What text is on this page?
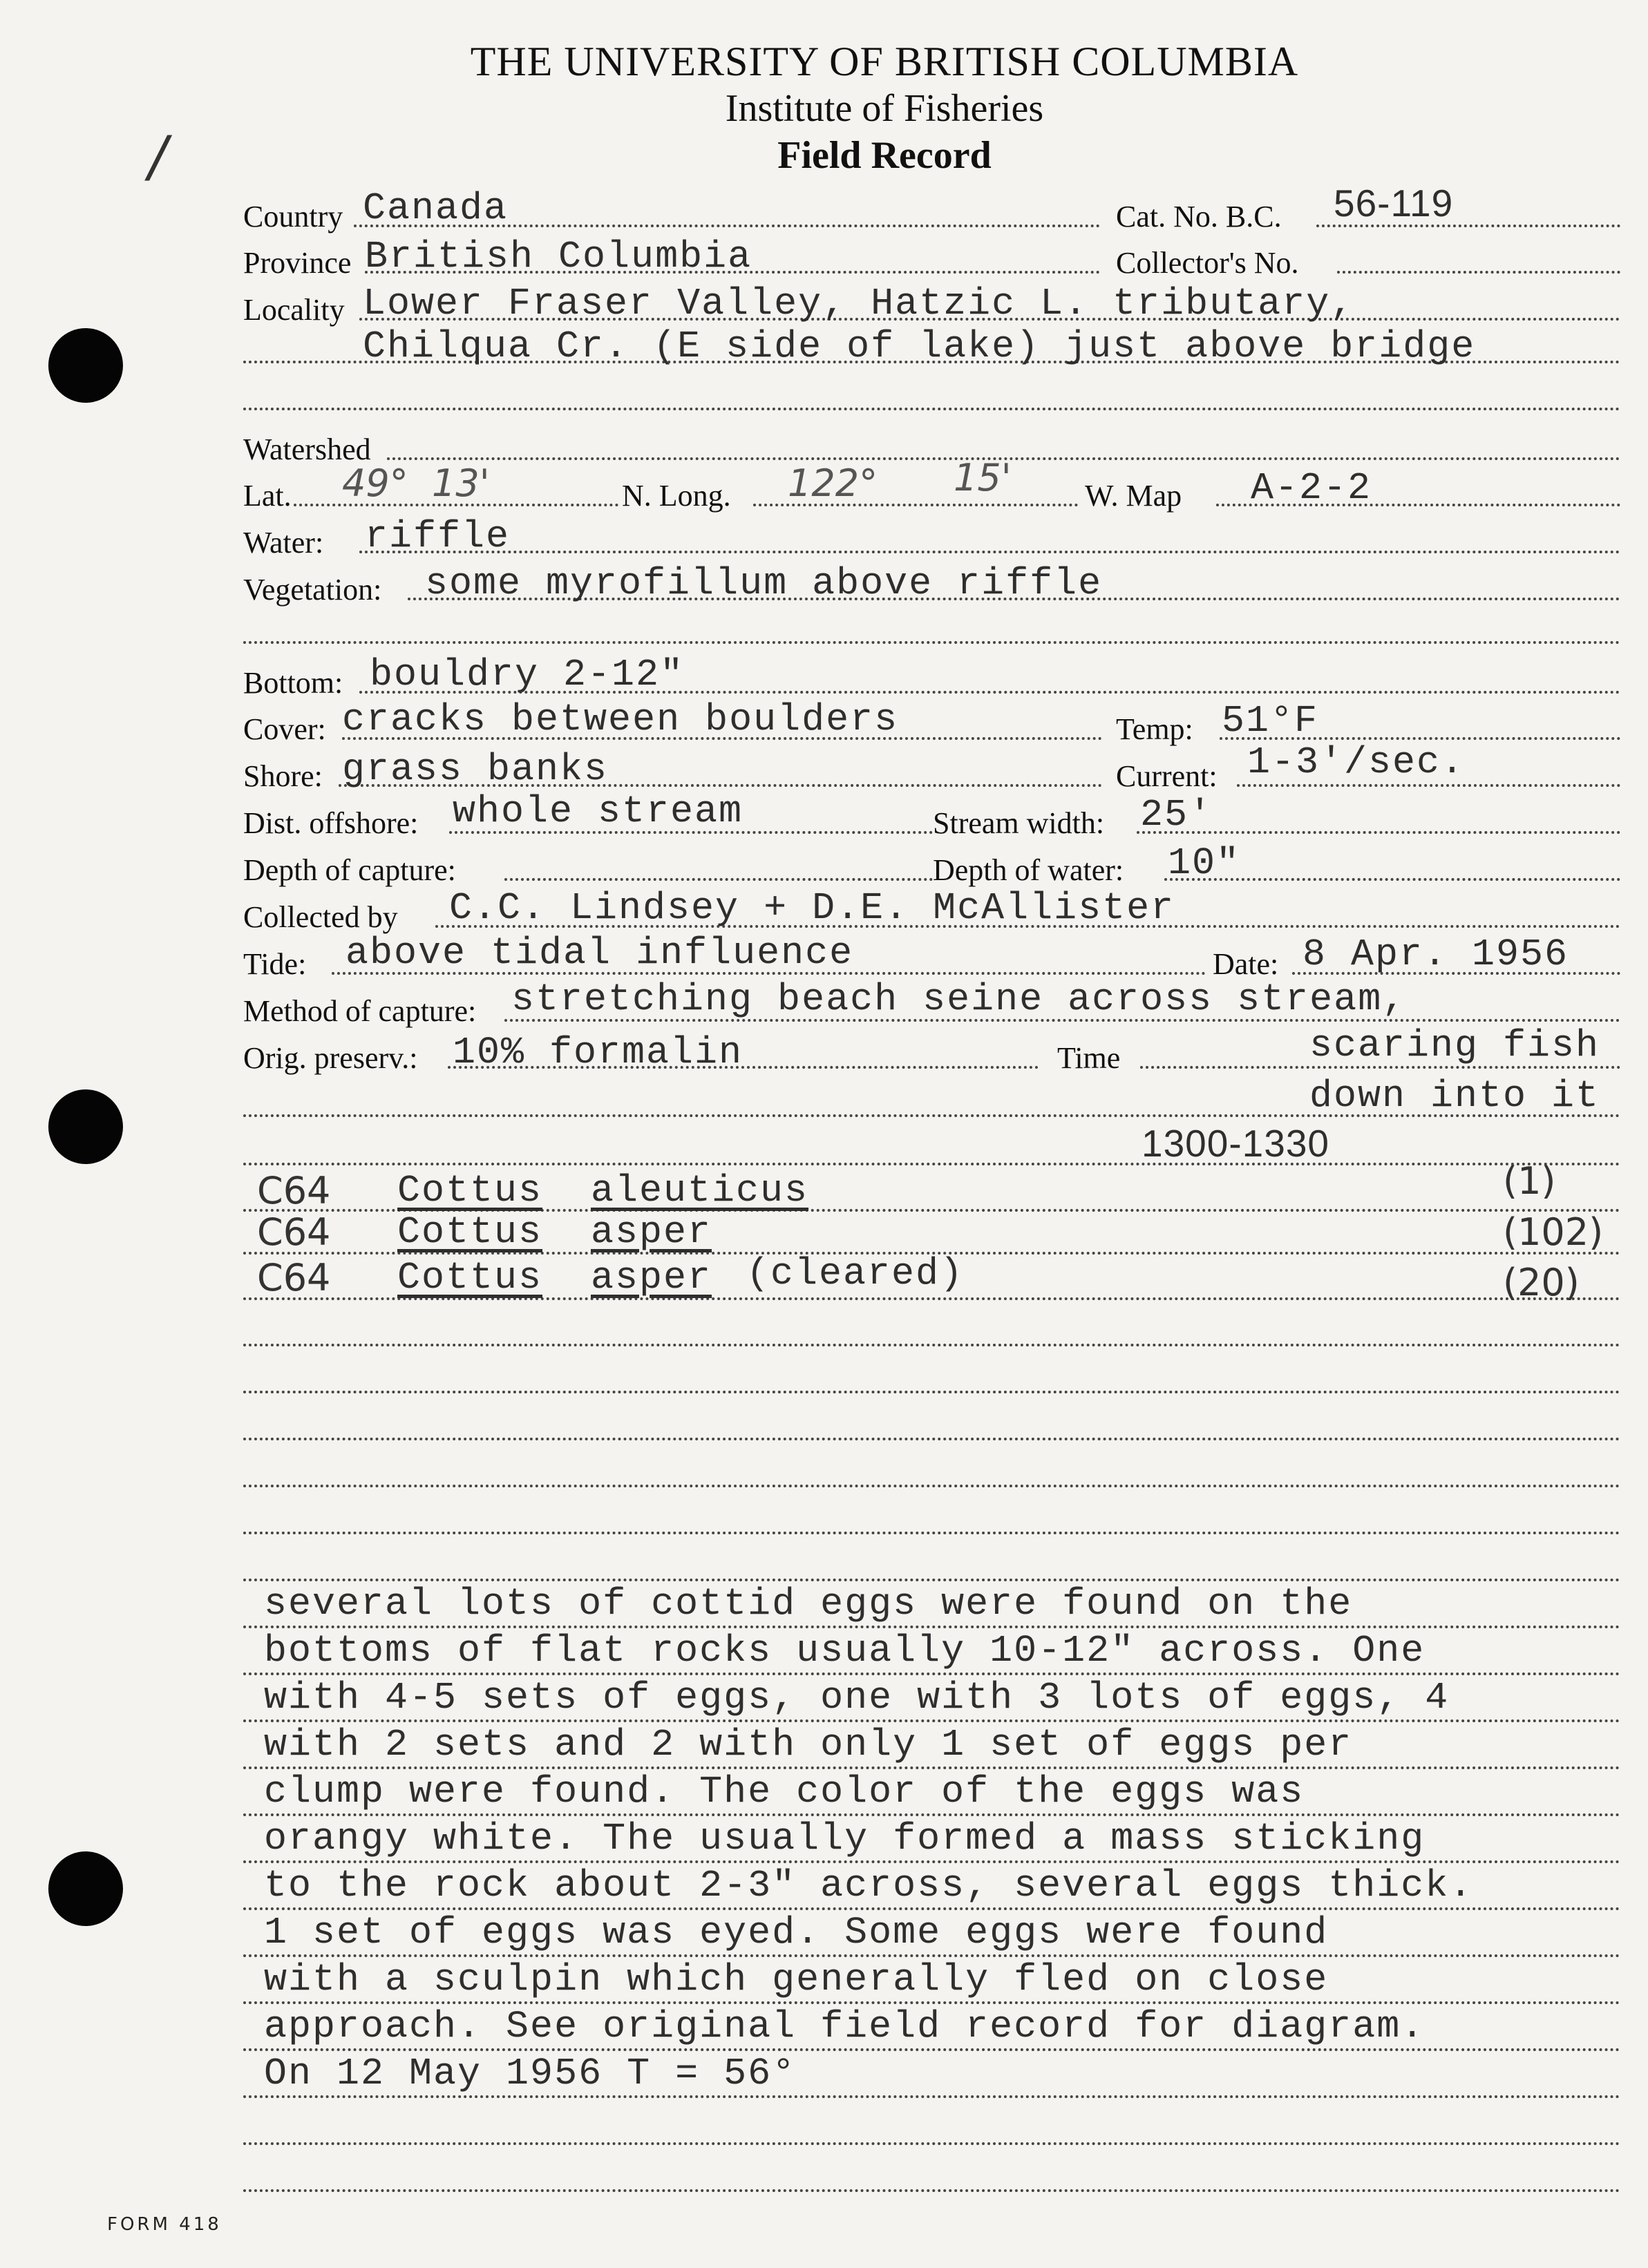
THE UNIVERSITY OF BRITISH COLUMBIA
Institute of Fisheries
Field Record
/
Country Canada	Cat. No. B.C. 56-119
Province British Columbia	Collector's No.
Locality Lower Fraser Valley, Hatzic L. tributary,
Chilqua Cr. (E side of lake) just above bridge
Watershed
Lat. 49° 13'	N. Long. 122° 15' W. Map A-2-2
Water: riffle
Vegetation: some myrofillum above riffle
Bottom: bouldry 2-12"
Cover: cracks between boulders	Temp: 51°F
Shore: grass banks	Current: 1-3'/sec.
Dist. offshore: whole stream	Stream width: 25'
Depth of capture:	Depth of water: 10"
Collected by C.C. Lindsey + D.E. McAllister
Tide: above tidal influence	Date: 8 Apr. 1956
Method of capture: stretching beach seine across stream,
Orig. preserv.: 10% formalin	Time	scaring fish
down into it
1300-1330
C64 Cottus aleuticus	(1)
C64 Cottus asper	(102)
C64 Cottus asper (cleared)	(20)
several lots of cottid eggs were found on the
bottoms of flat rocks usually 10-12" across. One
with 4-5 sets of eggs, one with 3 lots of eggs, 4
with 2 sets and 2 with only 1 set of eggs per
clump were found. The color of the eggs was
orangy white. The usually formed a mass sticking
to the rock about 2-3" across, several eggs thick.
1 set of eggs was eyed. Some eggs were found
with a sculpin which generally fled on close
approach. See original field record for diagram.
On 12 May 1956 T = 56°
FORM 418
